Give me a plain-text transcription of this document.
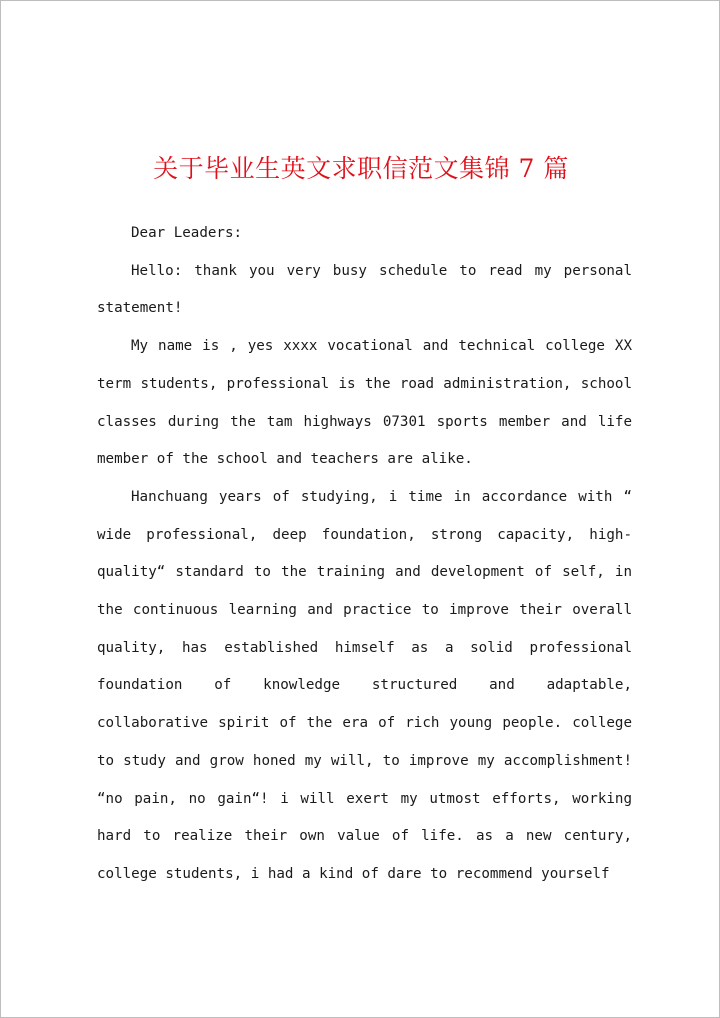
关于毕业生英文求职信范文集锦 7 篇

Dear Leaders:

Hello: thank you very busy schedule to read my personal statement!

My name is , yes xxxx vocational and technical college XX term students, professional is the road administration, school classes during the tam highways 07301 sports member and life member of the school and teachers are alike.

Hanchuang years of studying, i time in accordance with “ wide professional, deep foundation, strong capacity, high-quality“ standard to the training and development of self, in the continuous learning and practice to improve their overall quality, has established himself as a solid professional foundation of knowledge structured and adaptable, collaborative spirit of the era of rich young people. college to study and grow honed my will, to improve my accomplishment! “no pain, no gain“! i will exert my utmost efforts, working hard to realize their own value of life. as a new century, college students, i had a kind of dare to recommend yourself
